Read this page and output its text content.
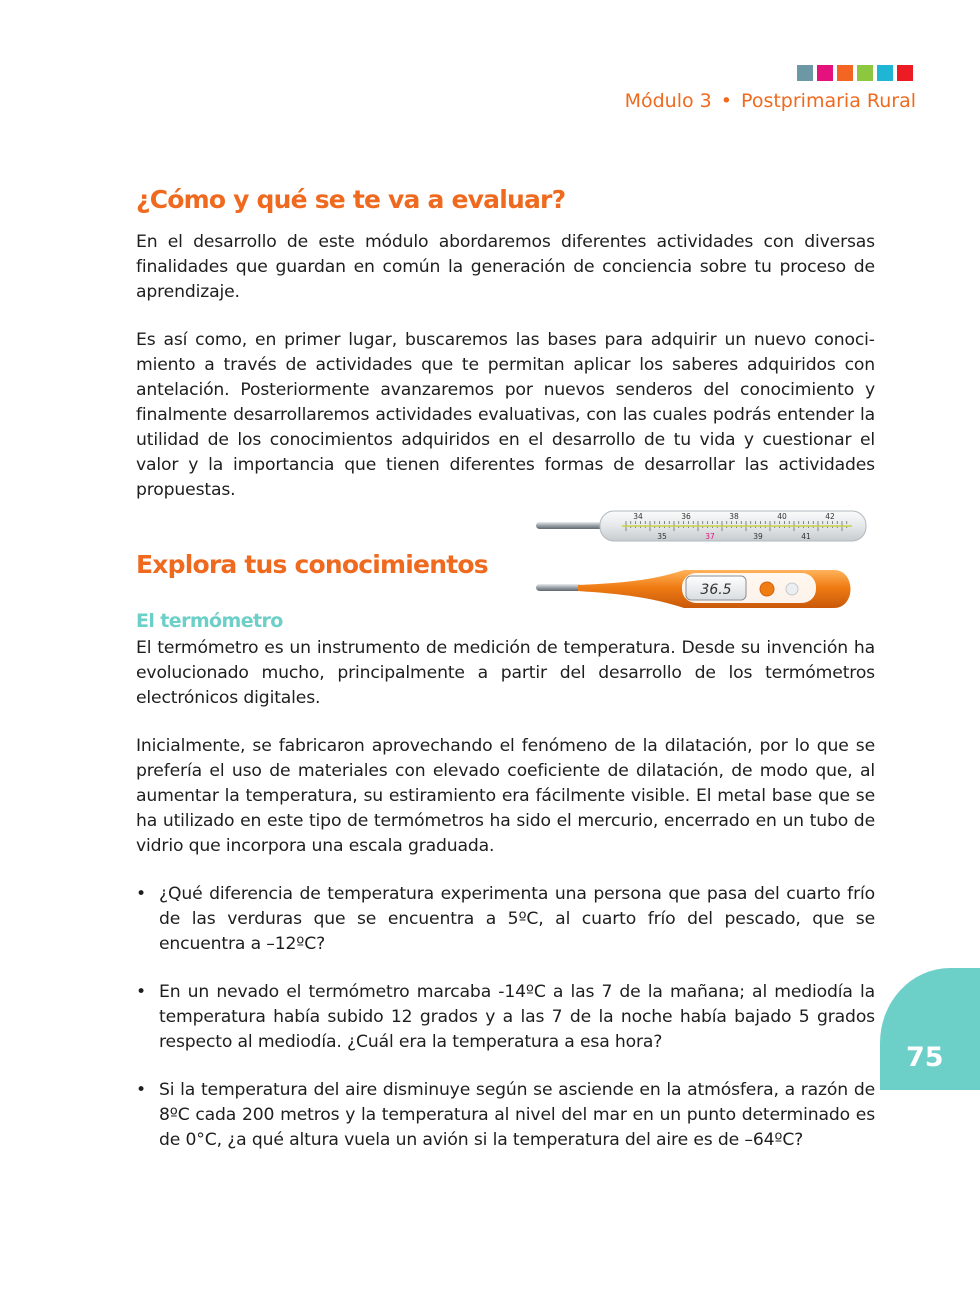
Módulo 3 • Postprimaria Rural
¿Cómo y qué se te va a evaluar?

En el desarrollo de este módulo abordaremos diferentes actividades con diversas finalidades que guardan en común la generación de conciencia sobre tu proceso de aprendizaje.

Es así como, en primer lugar, buscaremos las bases para adquirir un nuevo conocimiento a través de actividades que te permitan aplicar los saberes adquiridos con antelación. Posteriormente avanzaremos por nuevos senderos del conocimiento y finalmente desarrollaremos actividades evaluativas, con las cuales podrás entender la utilidad de los conocimientos adquiridos en el desarrollo de tu vida y cuestionar el valor y la importancia que tienen diferentes formas de desarrollar las actividades propuestas.

34	36	38	40	42
35	37	39	41
36.5
Explora tus conocimientos
El termómetro

El termómetro es un instrumento de medición de temperatura. Desde su invención ha evolucionado mucho, principalmente a partir del desarrollo de los termómetros electrónicos digitales.

Inicialmente, se fabricaron aprovechando el fenómeno de la dilatación, por lo que se prefería el uso de materiales con elevado coeficiente de dilatación, de modo que, al aumentar la temperatura, su estiramiento era fácilmente visible. El metal base que se ha utilizado en este tipo de termómetros ha sido el mercurio, encerrado en un tubo de vidrio que incorpora una escala graduada.

• ¿Qué diferencia de temperatura experimenta una persona que pasa del cuarto frío de las verduras que se encuentra a 5ºC, al cuarto frío del pescado, que se encuentra a –12ºC?
• En un nevado el termómetro marcaba -14ºC a las 7 de la mañana; al mediodía la temperatura había subido 12 grados y a las 7 de la noche había bajado 5 grados respecto al mediodía. ¿Cuál era la temperatura a esa hora?
• Si la temperatura del aire disminuye según se asciende en la atmósfera, a razón de 8ºC cada 200 metros y la temperatura al nivel del mar en un punto determinado es de 0°C, ¿a qué altura vuela un avión si la temperatura del aire es de –64ºC?
75
